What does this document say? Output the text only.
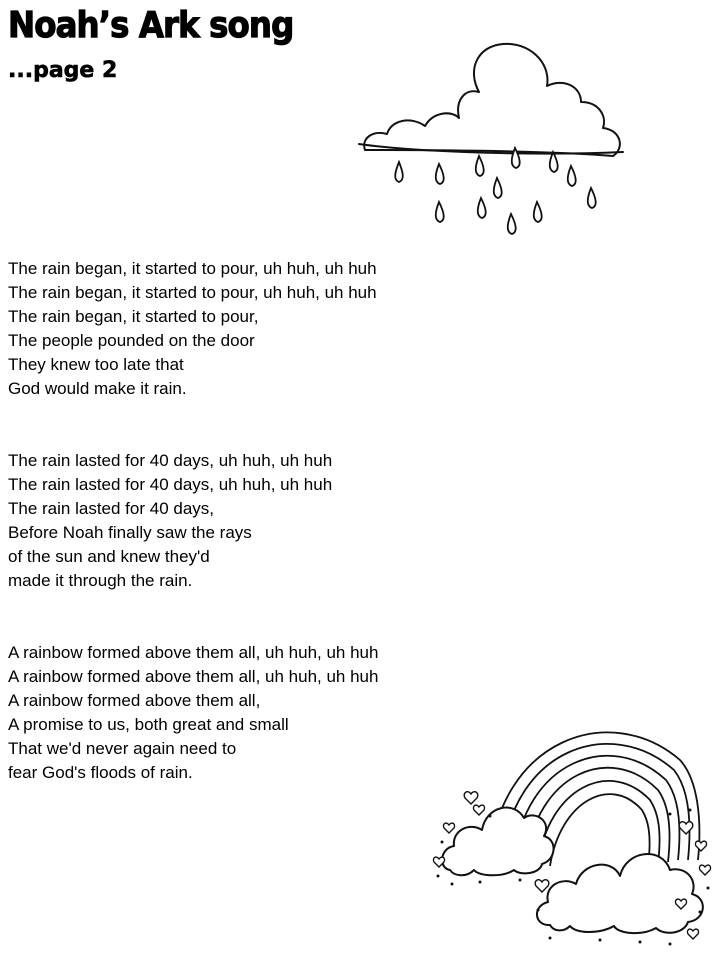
Noah’s Ark song
...page 2
The rain began, it started to pour, uh huh, uh huh
The rain began, it started to pour, uh huh, uh huh
The rain began, it started to pour,
The people pounded on the door
They knew too late that
God would make it rain.
The rain lasted for 40 days, uh huh, uh huh
The rain lasted for 40 days, uh huh, uh huh
The rain lasted for 40 days,
Before Noah finally saw the rays
of the sun and knew they'd
made it through the rain.
A rainbow formed above them all, uh huh, uh huh
A rainbow formed above them all, uh huh, uh huh
A rainbow formed above them all,
A promise to us, both great and small
That we'd never again need to
fear God's floods of rain.
